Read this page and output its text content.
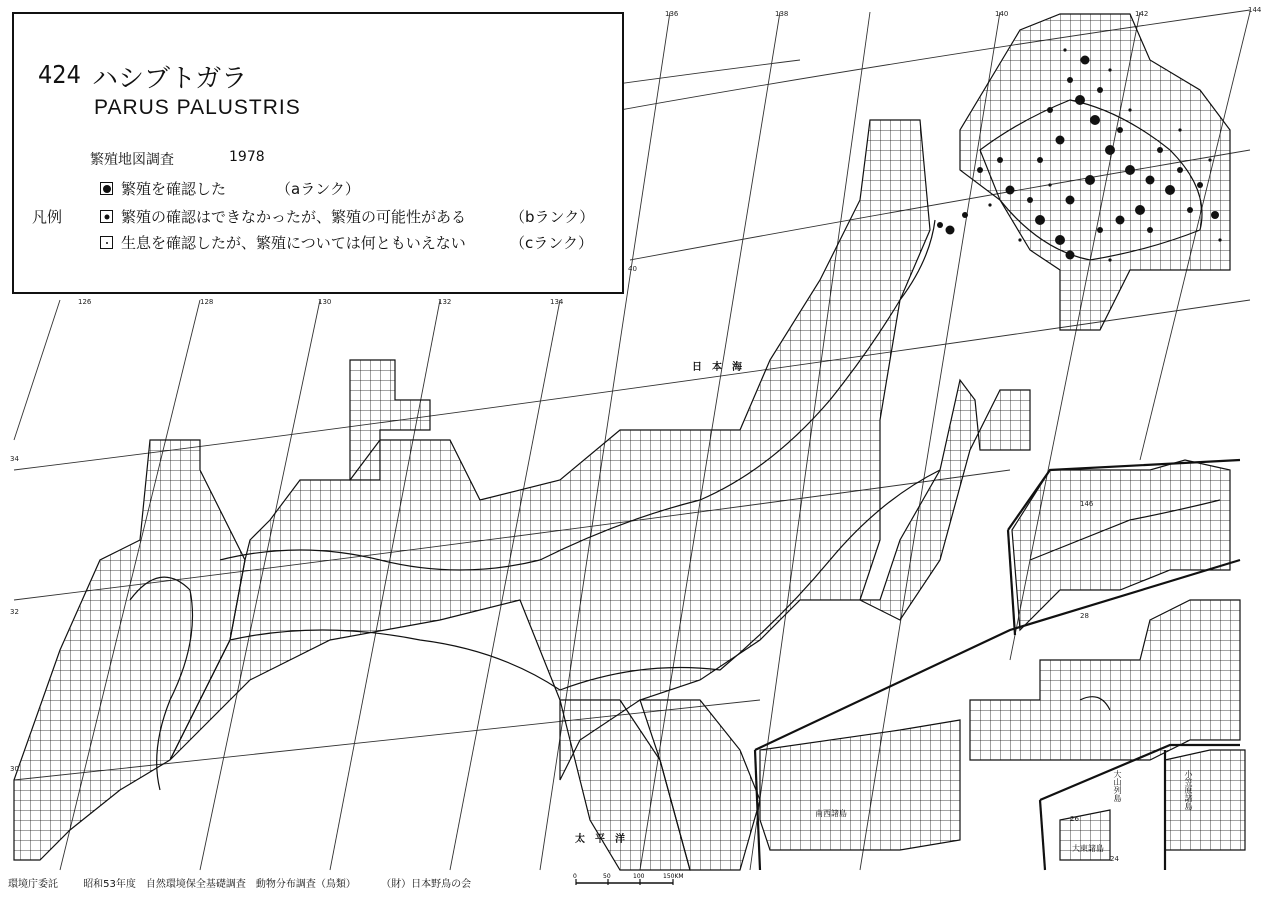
424 ハシブトガラ
PARUS PALUSTRIS
繁殖地図調査	1978
凡例
繁殖を確認した	（aランク）
繁殖の確認はできなかったが、繁殖の可能性がある	（bランク）
生息を確認したが、繁殖については何ともいえない	（cランク）
日　本　海
太　平　洋
大山列島	小笠原諸島
大東諸島
南西諸島
126	128	130	132	134
136	138	140	142	144
146
30
32
34
40
28
26
24
環境庁委託	昭和53年度　自然環境保全基礎調査　動物分布調査（鳥類）	（財）日本野鳥の会
0	50	100	150KM
